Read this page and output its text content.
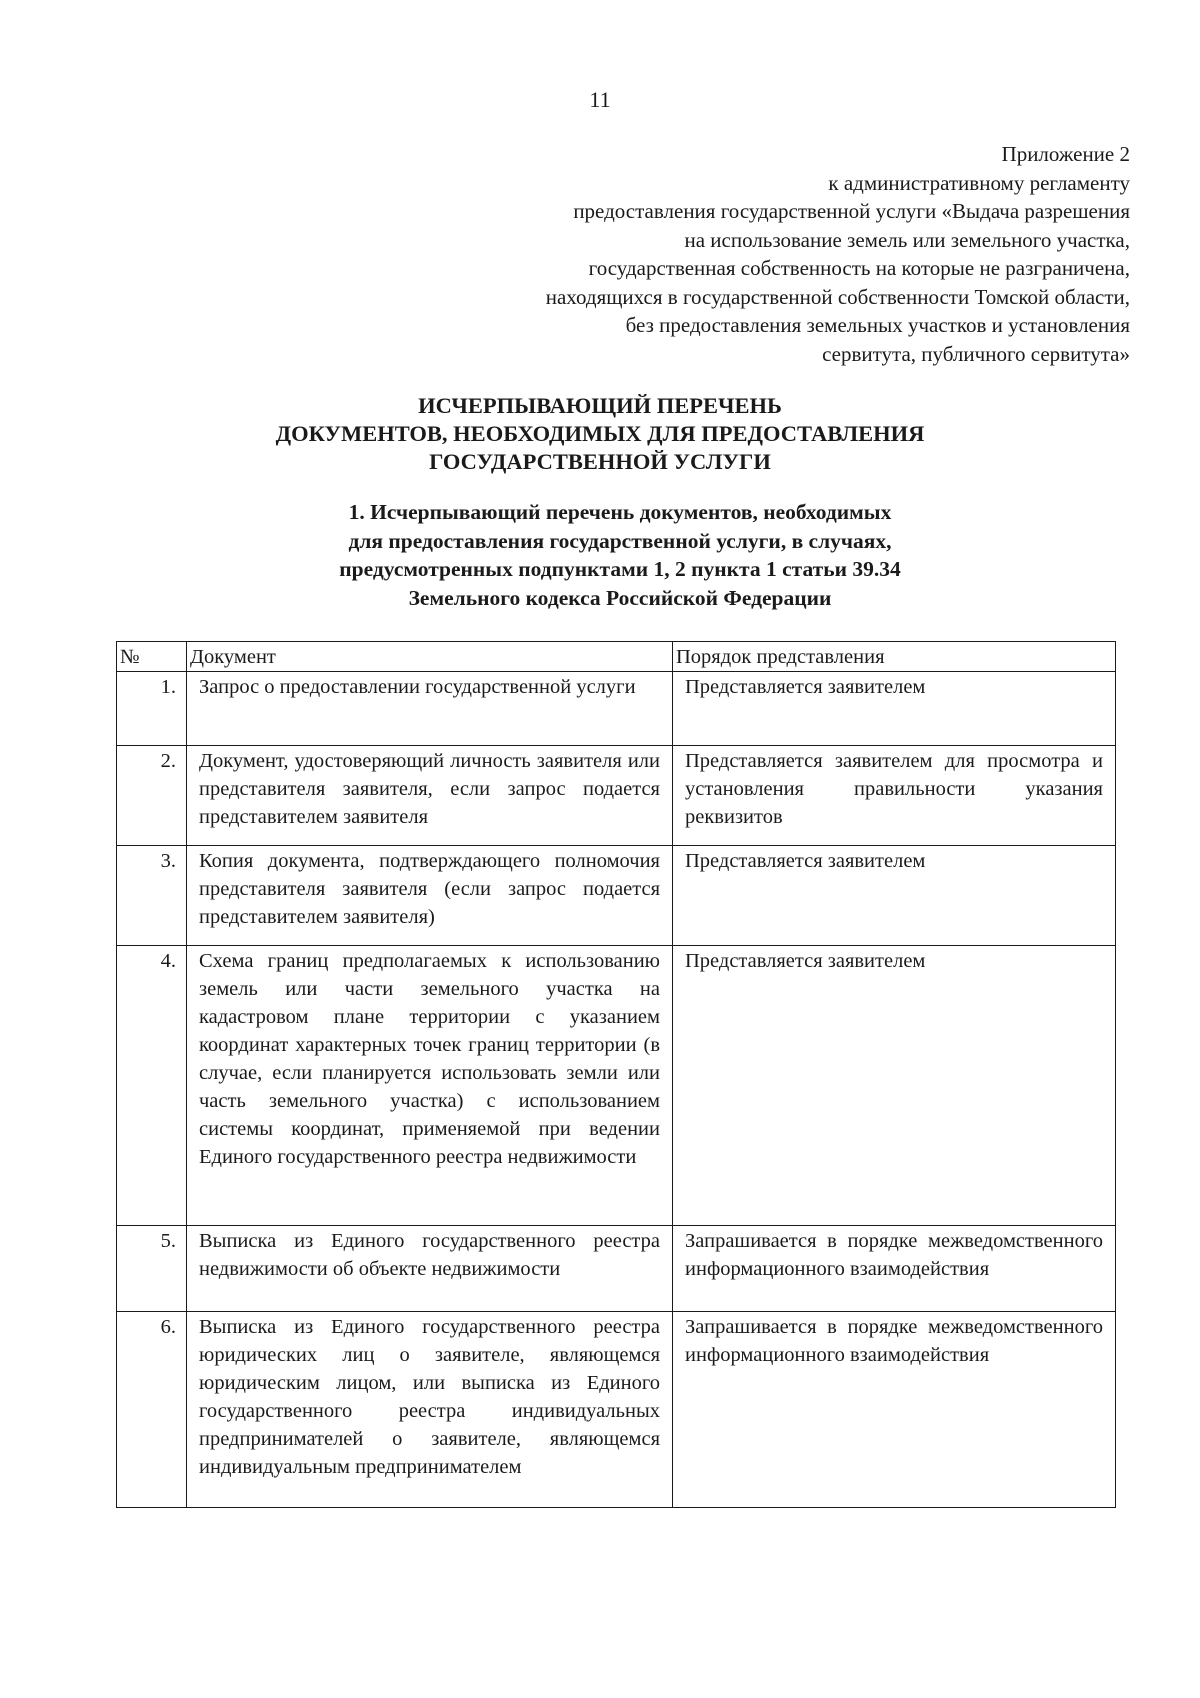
11
Приложение 2
к административному регламенту
предоставления государственной услуги «Выдача разрешения
на использование земель или земельного участка,
государственная собственность на которые не разграничена,
находящихся в государственной собственности Томской области,
без предоставления земельных участков и установления
сервитута, публичного сервитута»
ИСЧЕРПЫВАЮЩИЙ ПЕРЕЧЕНЬ
ДОКУМЕНТОВ, НЕОБХОДИМЫХ ДЛЯ ПРЕДОСТАВЛЕНИЯ
ГОСУДАРСТВЕННОЙ УСЛУГИ
1. Исчерпывающий перечень документов, необходимых
для предоставления государственной услуги, в случаях,
предусмотренных подпунктами 1, 2 пункта 1 статьи 39.34
Земельного кодекса Российской Федерации
№	Документ	Порядок представления
1.	Запрос о предоставлении государственной услуги	Представляется заявителем
2.	Документ, удостоверяющий личность заявителя или представителя заявителя, если запрос подается представителем заявителя	Представляется заявителем для просмотра и установления правильности указания реквизитов
3.	Копия документа, подтверждающего полномочия представителя заявителя (если запрос подается представителем заявителя)	Представляется заявителем
4.	Схема границ предполагаемых к использованию земель или части земельного участка на кадастровом плане территории с указанием координат характерных точек границ территории (в случае, если планируется использовать земли или часть земельного участка) с использованием системы координат, применяемой при ведении Единого государственного реестра недвижимости	Представляется заявителем
5.	Выписка из Единого государственного реестра недвижимости об объекте недвижимости	Запрашивается в порядке межведомственного информационного взаимодействия
6.	Выписка из Единого государственного реестра юридических лиц о заявителе, являющемся юридическим лицом, или выписка из Единого государственного реестра индивидуальных предпринимателей о заявителе, являющемся индивидуальным предпринимателем	Запрашивается в порядке межведомственного информационного взаимодействия
